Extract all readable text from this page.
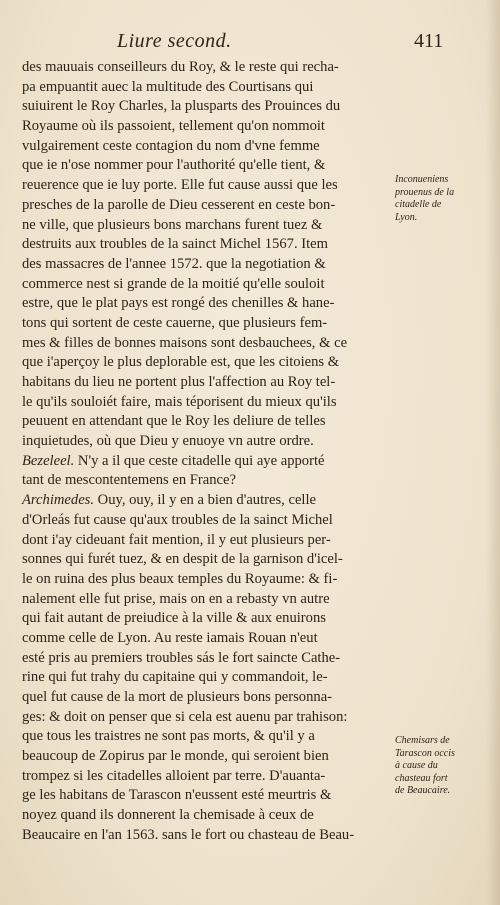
Liure second.	411
des mauuais conseilleurs du Roy, & le reste qui recha-
pa empuantit auec la multitude des Courtisans qui
suiuirent le Roy Charles, la plusparts des Prouinces du
Royaume où ils passoient, tellement qu'on nommoit
vulgairement ceste contagion du nom d'vne femme
que ie n'ose nommer pour l'authorité qu'elle tient, &
reuerence que ie luy porte. Elle fut cause aussi que les
presches de la parolle de Dieu cesserent en ceste bon-
ne ville, que plusieurs bons marchans furent tuez &
destruits aux troubles de la sainct Michel 1567. Item
des massacres de l'annee 1572. que la negotiation &
commerce nest si grande de la moitié qu'elle souloit
estre, que le plat pays est rongé des chenilles & hane-
tons qui sortent de ceste cauerne, que plusieurs fem-
mes & filles de bonnes maisons sont desbauchees, & ce
que i'aperçoy le plus deplorable est, que les citoiens &
habitans du lieu ne portent plus l'affection au Roy tel-
le qu'ils souloiét faire, mais téporisent du mieux qu'ils
peuuent en attendant que le Roy les deliure de telles
inquietudes, où que Dieu y enuoye vn autre ordre.
Bezeleel. N'y a il que ceste citadelle qui aye apporté
tant de mescontentemens en France?
Archimedes. Ouy, ouy, il y en a bien d'autres, celle
d'Orleás fut cause qu'aux troubles de la sainct Michel
dont i'ay cideuant fait mention, il y eut plusieurs per-
sonnes qui furét tuez, & en despit de la garnison d'icel-
le on ruina des plus beaux temples du Royaume: & fi-
nalement elle fut prise, mais on en a rebasty vn autre
qui fait autant de preiudice à la ville & aux enuirons
comme celle de Lyon. Au reste iamais Rouan n'eut
esté pris au premiers troubles sás le fort saincte Cathe-
rine qui fut trahy du capitaine qui y commandoit, le-
quel fut cause de la mort de plusieurs bons personna-
ges: & doit on penser que si cela est auenu par trahison:
que tous les traistres ne sont pas morts, & qu'il y a
beaucoup de Zopirus par le monde, qui seroient bien
trompez si les citadelles alloient par terre. D'auanta-
ge les habitans de Tarascon n'eussent esté meurtris &
noyez quand ils donnerent la chemisade à ceux de
Beaucaire en l'an 1563. sans le fort ou chasteau de Beau-
Inconueniens
prouenus de la
citadelle de
Lyon.
Chemisars de
Tarascon occis
à cause du
chasteau fort
de Beaucaire.
